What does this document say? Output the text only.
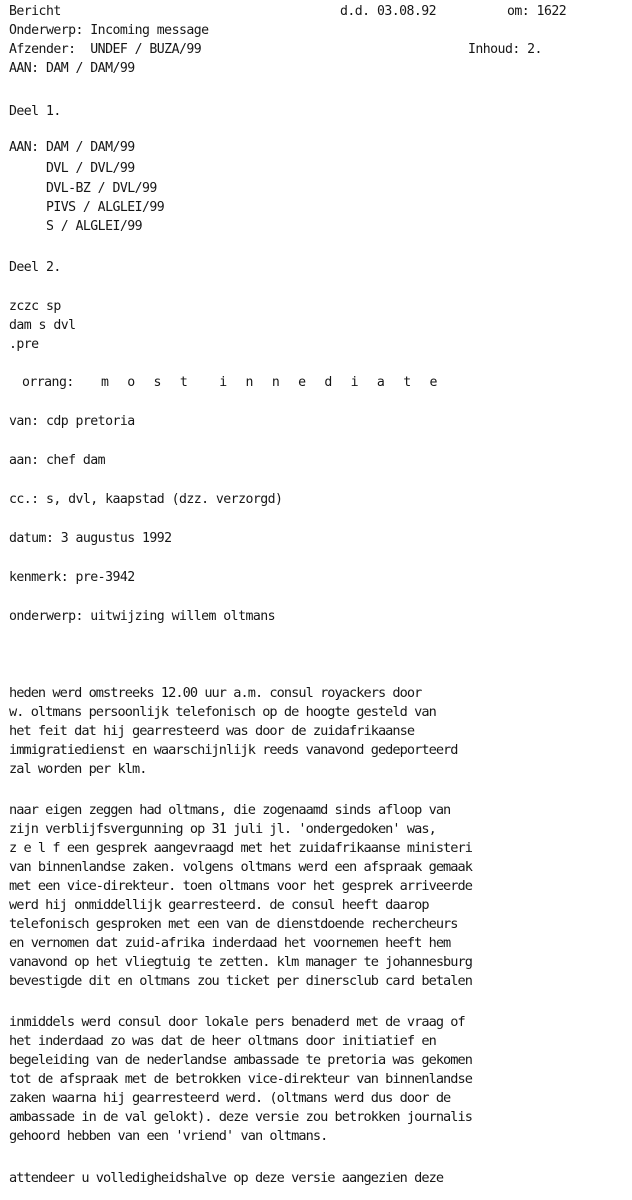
Bericht	d.d. 03.08.92	om: 1622
Onderwerp: Incoming message
Afzender:  UNDEF / BUZA/99	Inhoud: 2.
AAN: DAM / DAM/99
Deel 1.
AAN: DAM / DAM/99
DVL / DVL/99
DVL-BZ / DVL/99
PIVS / ALGLEI/99
S / ALGLEI/99
Deel 2.
zczc sp
dam s dvl
.pre
orrang: m o s t  i n n e d i a t e
van: cdp pretoria
aan: chef dam
cc.: s, dvl, kaapstad (dzz. verzorgd)
datum: 3 augustus 1992
kenmerk: pre-3942
onderwerp: uitwijzing willem oltmans
heden werd omstreeks 12.00 uur a.m. consul royackers door
w. oltmans persoonlijk telefonisch op de hoogte gesteld van
het feit dat hij gearresteerd was door de zuidafrikaanse
immigratiedienst en waarschijnlijk reeds vanavond gedeporteerd
zal worden per klm.
naar eigen zeggen had oltmans, die zogenaamd sinds afloop van
zijn verblijfsvergunning op 31 juli jl. 'ondergedoken' was,
z e l f een gesprek aangevraagd met het zuidafrikaanse ministeri
van binnenlandse zaken. volgens oltmans werd een afspraak gemaak
met een vice-direkteur. toen oltmans voor het gesprek arriveerde
werd hij onmiddellijk gearresteerd. de consul heeft daarop
telefonisch gesproken met een van de dienstdoende rechercheurs
en vernomen dat zuid-afrika inderdaad het voornemen heeft hem
vanavond op het vliegtuig te zetten. klm manager te johannesburg
bevestigde dit en oltmans zou ticket per dinersclub card betalen
inmiddels werd consul door lokale pers benaderd met de vraag of
het inderdaad zo was dat de heer oltmans door initiatief en
begeleiding van de nederlandse ambassade te pretoria was gekomen
tot de afspraak met de betrokken vice-direkteur van binnenlandse
zaken waarna hij gearresteerd werd. (oltmans werd dus door de
ambassade in de val gelokt). deze versie zou betrokken journalis
gehoord hebben van een 'vriend' van oltmans.
attendeer u volledigheidshalve op deze versie aangezien deze
